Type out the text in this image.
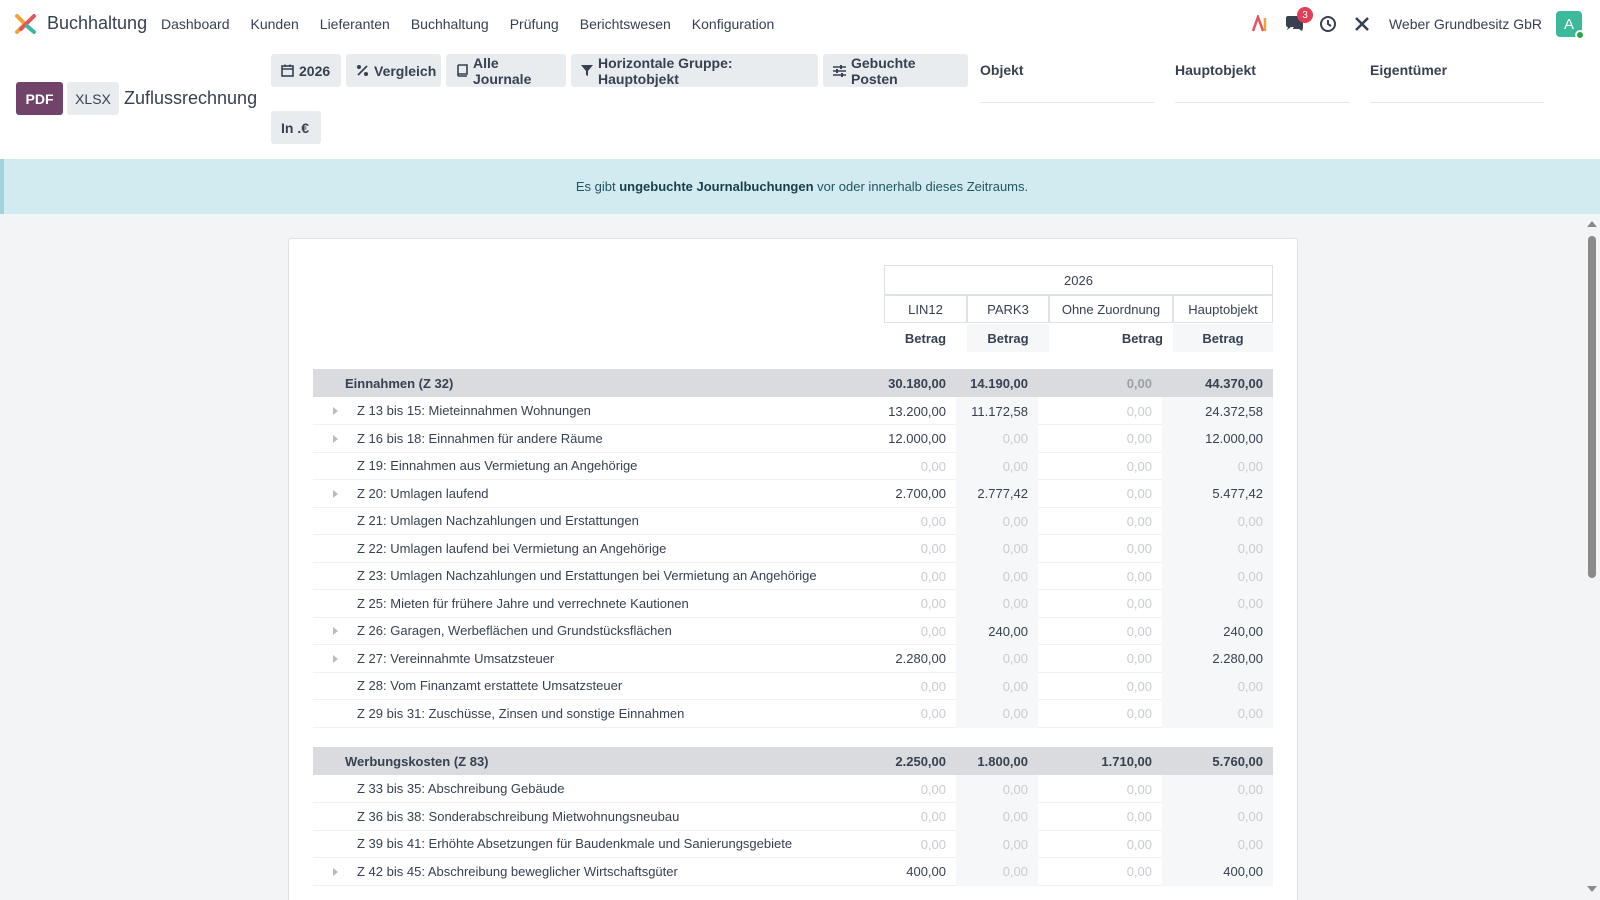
Buchhaltung Dashboard Kunden Lieferanten Buchhaltung Prüfung Berichtswesen Konfiguration
3
Weber Grundbesitz GbR A
PDF	XLSX Zuflussrechnung
2026	Vergleich	Alle Journale
Horizontale Gruppe: Hauptobjekt
Gebuchte Posten
In .€
Objekt	Hauptobjekt	Eigentümer
Es gibt ungebuchte Journalbuchungen vor oder innerhalb dieses Zeitraums.
2026
LIN12	PARK3	Ohne Zuordnung	Hauptobjekt
Betrag	Betrag	Betrag	Betrag
Einnahmen (Z 32)	30.180,00	14.190,00	0,00	44.370,00
Z 13 bis 15: Mieteinnahmen Wohnungen	13.200,00	11.172,58	0,00	24.372,58
Z 16 bis 18: Einnahmen für andere Räume	12.000,00	0,00	0,00	12.000,00
Z 19: Einnahmen aus Vermietung an Angehörige	0,00	0,00	0,00	0,00
Z 20: Umlagen laufend	2.700,00	2.777,42	0,00	5.477,42
Z 21: Umlagen Nachzahlungen und Erstattungen	0,00	0,00	0,00	0,00
Z 22: Umlagen laufend bei Vermietung an Angehörige	0,00	0,00	0,00	0,00
Z 23: Umlagen Nachzahlungen und Erstattungen bei Vermietung an Angehörige	0,00	0,00	0,00	0,00
Z 25: Mieten für frühere Jahre und verrechnete Kautionen	0,00	0,00	0,00	0,00
Z 26: Garagen, Werbeflächen und Grundstücksflächen	0,00	240,00	0,00	240,00
Z 27: Vereinnahmte Umsatzsteuer	2.280,00	0,00	0,00	2.280,00
Z 28: Vom Finanzamt erstattete Umsatzsteuer	0,00	0,00	0,00	0,00
Z 29 bis 31: Zuschüsse, Zinsen und sonstige Einnahmen	0,00	0,00	0,00	0,00
Werbungskosten (Z 83)	2.250,00	1.800,00	1.710,00	5.760,00
Z 33 bis 35: Abschreibung Gebäude	0,00	0,00	0,00	0,00
Z 36 bis 38: Sonderabschreibung Mietwohnungsneubau	0,00	0,00	0,00	0,00
Z 39 bis 41: Erhöhte Absetzungen für Baudenkmale und Sanierungsgebiete	0,00	0,00	0,00	0,00
Z 42 bis 45: Abschreibung beweglicher Wirtschaftsgüter	400,00	0,00	0,00	400,00
